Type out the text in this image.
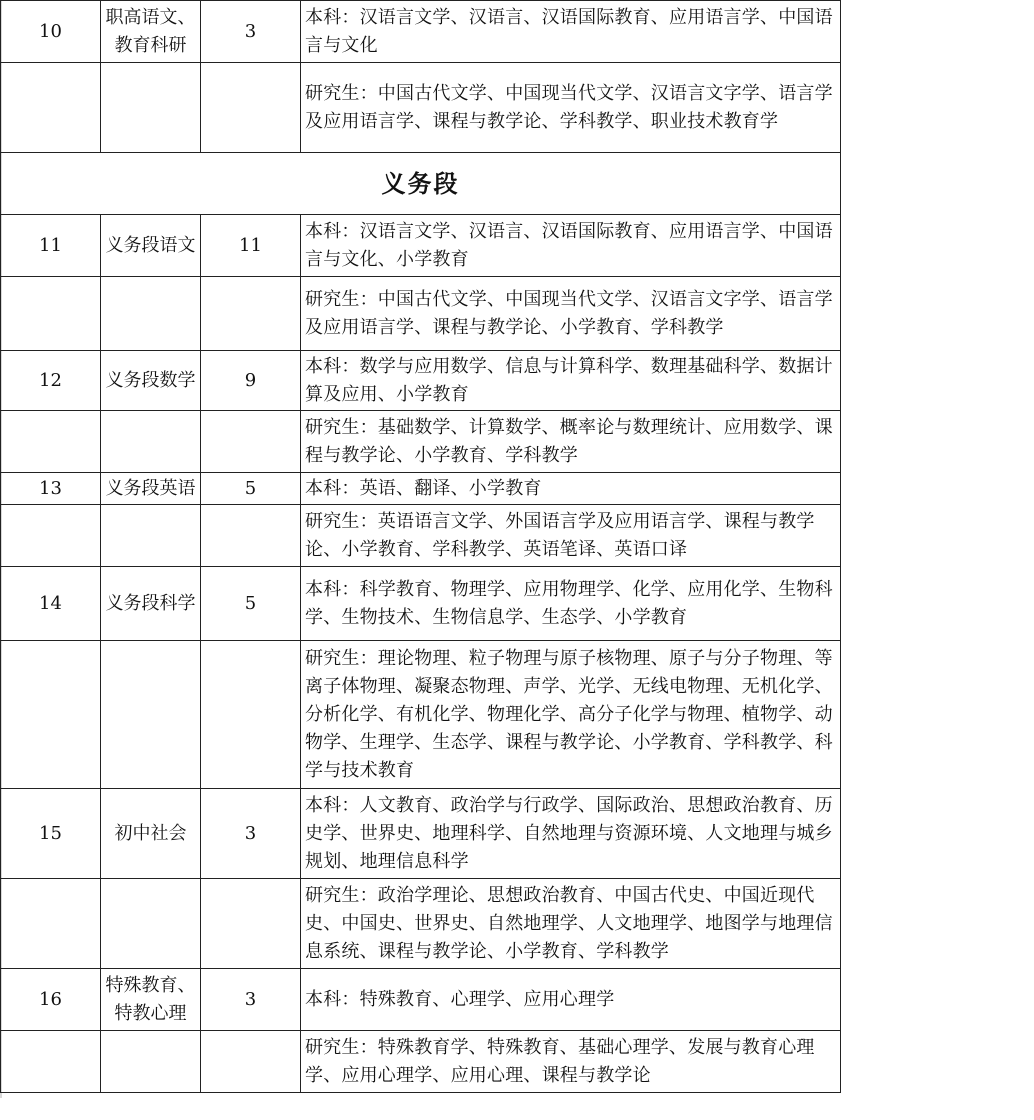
10	职高语文、教育科研	3	本科：汉语言文学、汉语言、汉语国际教育、应用语言学、中国语言与文化
			研究生：中国古代文学、中国现当代文学、汉语言文字学、语言学及应用语言学、课程与教学论、学科教学、职业技术教育学
义务段			
11	义务段语文	11	本科：汉语言文学、汉语言、汉语国际教育、应用语言学、中国语言与文化、小学教育
			研究生：中国古代文学、中国现当代文学、汉语言文字学、语言学及应用语言学、课程与教学论、小学教育、学科教学
12	义务段数学	9	本科：数学与应用数学、信息与计算科学、数理基础科学、数据计算及应用、小学教育
			研究生：基础数学、计算数学、概率论与数理统计、应用数学、课程与教学论、小学教育、学科教学
13	义务段英语	5	本科：英语、翻译、小学教育
			研究生：英语语言文学、外国语言学及应用语言学、课程与教学论、小学教育、学科教学、英语笔译、英语口译
14	义务段科学	5	本科：科学教育、物理学、应用物理学、化学、应用化学、生物科学、生物技术、生物信息学、生态学、小学教育
			研究生：理论物理、粒子物理与原子核物理、原子与分子物理、等离子体物理、凝聚态物理、声学、光学、无线电物理、无机化学、分析化学、有机化学、物理化学、高分子化学与物理、植物学、动物学、生理学、生态学、课程与教学论、小学教育、学科教学、科学与技术教育
15	初中社会	3	本科：人文教育、政治学与行政学、国际政治、思想政治教育、历史学、世界史、地理科学、自然地理与资源环境、人文地理与城乡规划、地理信息科学
			研究生：政治学理论、思想政治教育、中国古代史、中国近现代史、中国史、世界史、自然地理学、人文地理学、地图学与地理信息系统、课程与教学论、小学教育、学科教学
16	特殊教育、特教心理	3	本科：特殊教育、心理学、应用心理学
			研究生：特殊教育学、特殊教育、基础心理学、发展与教育心理学、应用心理学、应用心理、课程与教学论
